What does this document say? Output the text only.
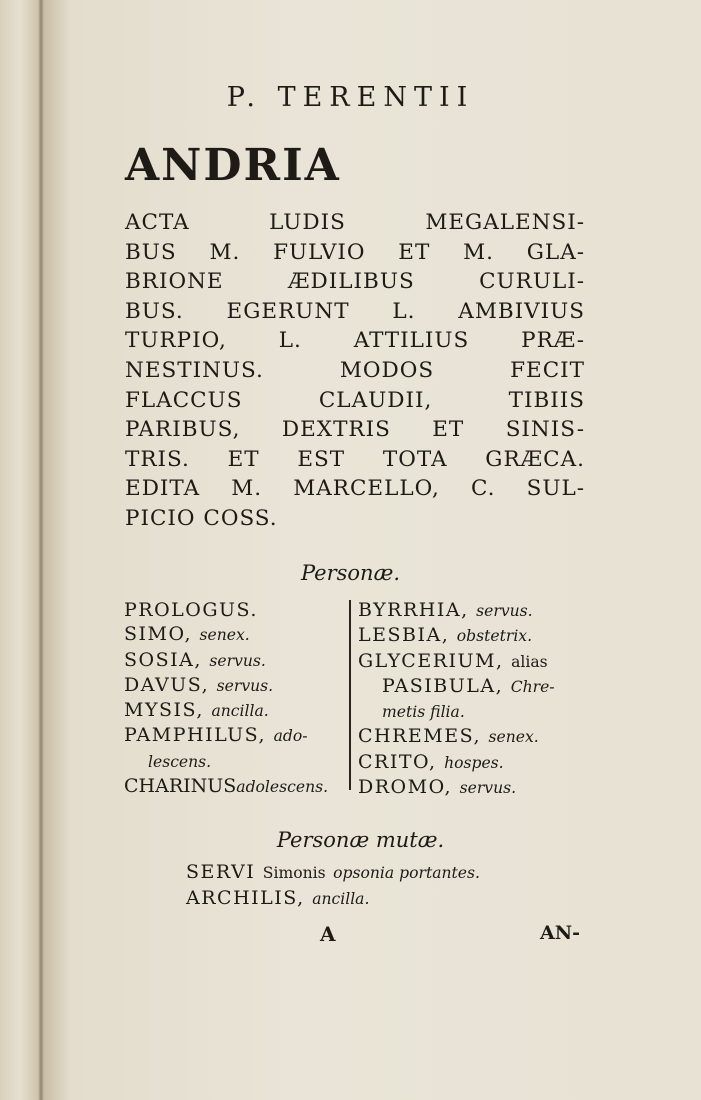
P. TERENTII
ANDRIA
ACTA LUDIS MEGALENSI-
BUS M. FULVIO ET M. GLA-
BRIONE ÆDILIBUS CURULI-
BUS. EGERUNT L. AMBIVIUS
TURPIO, L. ATTILIUS PRÆ-
NESTINUS. MODOS FECIT
FLACCUS CLAUDII, TIBIIS
PARIBUS, DEXTRIS ET SINIS-
TRIS. ET EST TOTA GRÆCA.
Personæ.
PROLOGUS.
SIMO, senex.
SOSIA, servus.
DAVUS, servus.
MYSIS, ancilla.
PAMPHILUS, ado-
lescens.
CHARINUSadolescens.
BYRRHIA, servus.
LESBIA, obstetrix.
GLYCERIUM, alias
PASIBULA, Chre-
metis filia.
CHREMES, senex.
CRITO, hospes.
DROMO, servus.
Personæ mutæ.
SERVI Simonis opsonia portantes.
ARCHILIS, ancilla.
A	AN-
EDITA M. MARCELLO, C. SUL-
PICIO COSS.
